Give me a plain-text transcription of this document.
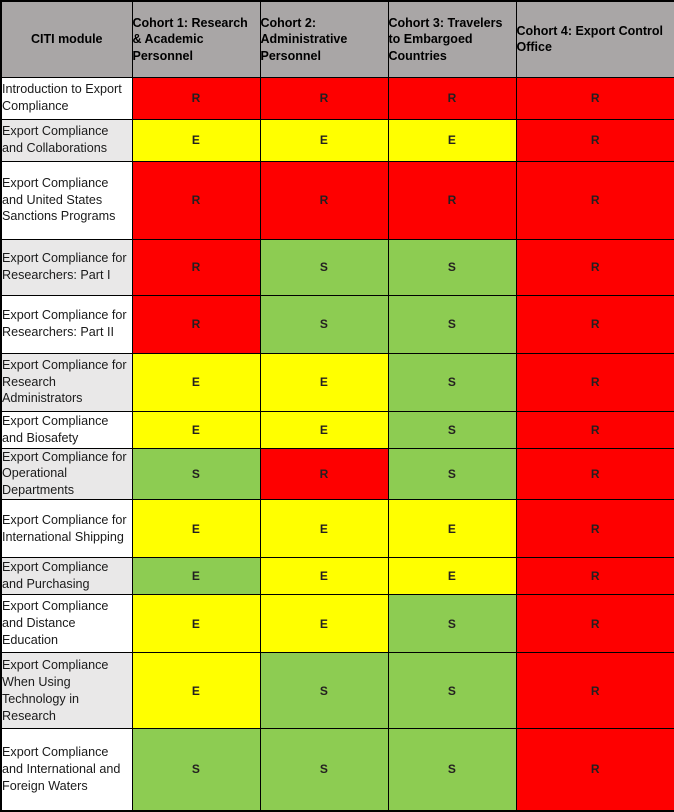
CITI module	Cohort 1: Research & Academic Personnel	Cohort 2: Administrative Personnel	Cohort 3: Travelers to Embargoed Countries	Cohort 4: Export Control Office
Introduction to Export Compliance	R	R	R	R
Export Compliance and Collaborations	E	E	E	R
Export Compliance and United States Sanctions Programs	R	R	R	R
Export Compliance for Researchers: Part I	R	S	S	R
Export Compliance for Researchers: Part II	R	S	S	R
Export Compliance for Research Administrators	E	E	S	R
Export Compliance and Biosafety	E	E	S	R
Export Compliance for Operational Departments	S	R	S	R
Export Compliance for International Shipping	E	E	E	R
Export Compliance and Purchasing	E	E	E	R
Export Compliance and Distance Education	E	E	S	R
Export Compliance When Using Technology in Research	E	S	S	R
Export Compliance and International and Foreign Waters	S	S	S	R
